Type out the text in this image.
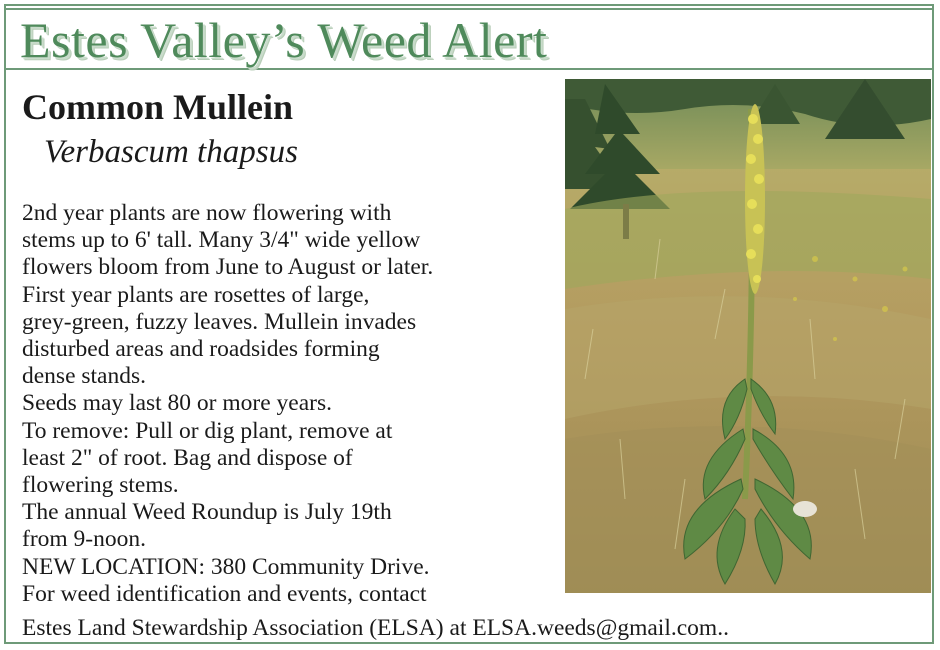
Estes Valley’s Weed Alert
Common Mullein
Verbascum thapsus
2nd year plants are now flowering with
stems up to 6' tall. Many 3/4" wide yellow
flowers bloom from June to August or later.
First year plants are rosettes of large,
grey-green, fuzzy leaves. Mullein invades
disturbed areas and roadsides forming
dense stands.
Seeds may last 80 or more years.
To remove: Pull or dig plant, remove at
least 2" of root. Bag and dispose of
flowering stems.
The annual Weed Roundup is July 19th
from 9-noon.
NEW LOCATION: 380 Community Drive.
For weed identification and events, contact
Estes Land Stewardship Association (ELSA) at ELSA.weeds@gmail.com..
